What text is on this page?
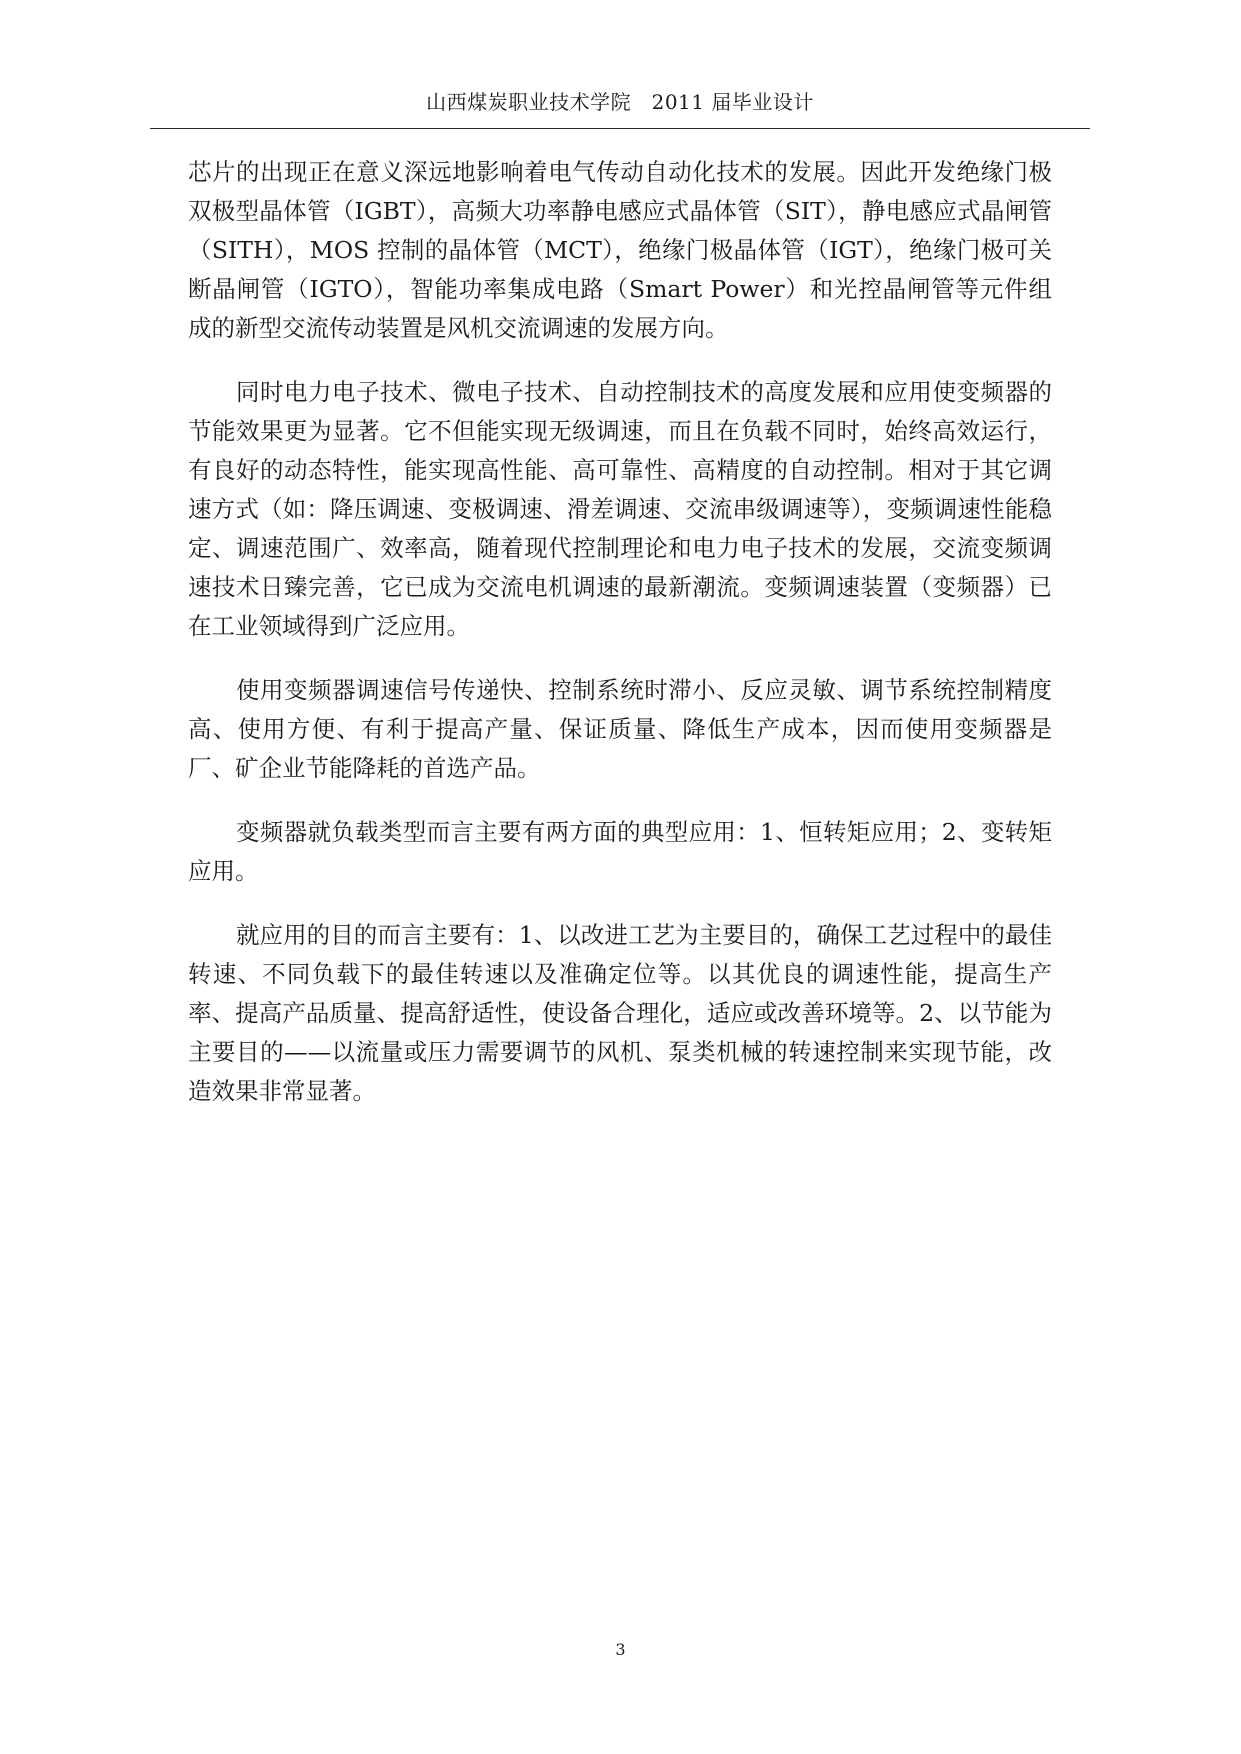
山西煤炭职业技术学院　2011 届毕业设计

芯片的出现正在意义深远地影响着电气传动自动化技术的发展。因此开发绝缘门极双极型晶体管（IGBT），高频大功率静电感应式晶体管（SIT），静电感应式晶闸管（SITH），MOS 控制的晶体管（MCT），绝缘门极晶体管（IGT），绝缘门极可关断晶闸管（IGTO），智能功率集成电路（Smart Power）和光控晶闸管等元件组成的新型交流传动装置是风机交流调速的发展方向。

同时电力电子技术、微电子技术、自动控制技术的高度发展和应用使变频器的节能效果更为显著。它不但能实现无级调速，而且在负载不同时，始终高效运行，有良好的动态特性，能实现高性能、高可靠性、高精度的自动控制。相对于其它调速方式（如：降压调速、变极调速、滑差调速、交流串级调速等），变频调速性能稳定、调速范围广、效率高，随着现代控制理论和电力电子技术的发展，交流变频调速技术日臻完善，它已成为交流电机调速的最新潮流。变频调速装置（变频器）已在工业领域得到广泛应用。

使用变频器调速信号传递快、控制系统时滞小、反应灵敏、调节系统控制精度高、使用方便、有利于提高产量、保证质量、降低生产成本，因而使用变频器是厂、矿企业节能降耗的首选产品。

变频器就负载类型而言主要有两方面的典型应用：1、恒转矩应用；2、变转矩应用。

就应用的目的而言主要有：1、以改进工艺为主要目的，确保工艺过程中的最佳转速、不同负载下的最佳转速以及准确定位等。以其优良的调速性能，提高生产率、提高产品质量、提高舒适性，使设备合理化，适应或改善环境等。2、以节能为主要目的——以流量或压力需要调节的风机、泵类机械的转速控制来实现节能，改造效果非常显著。

3
